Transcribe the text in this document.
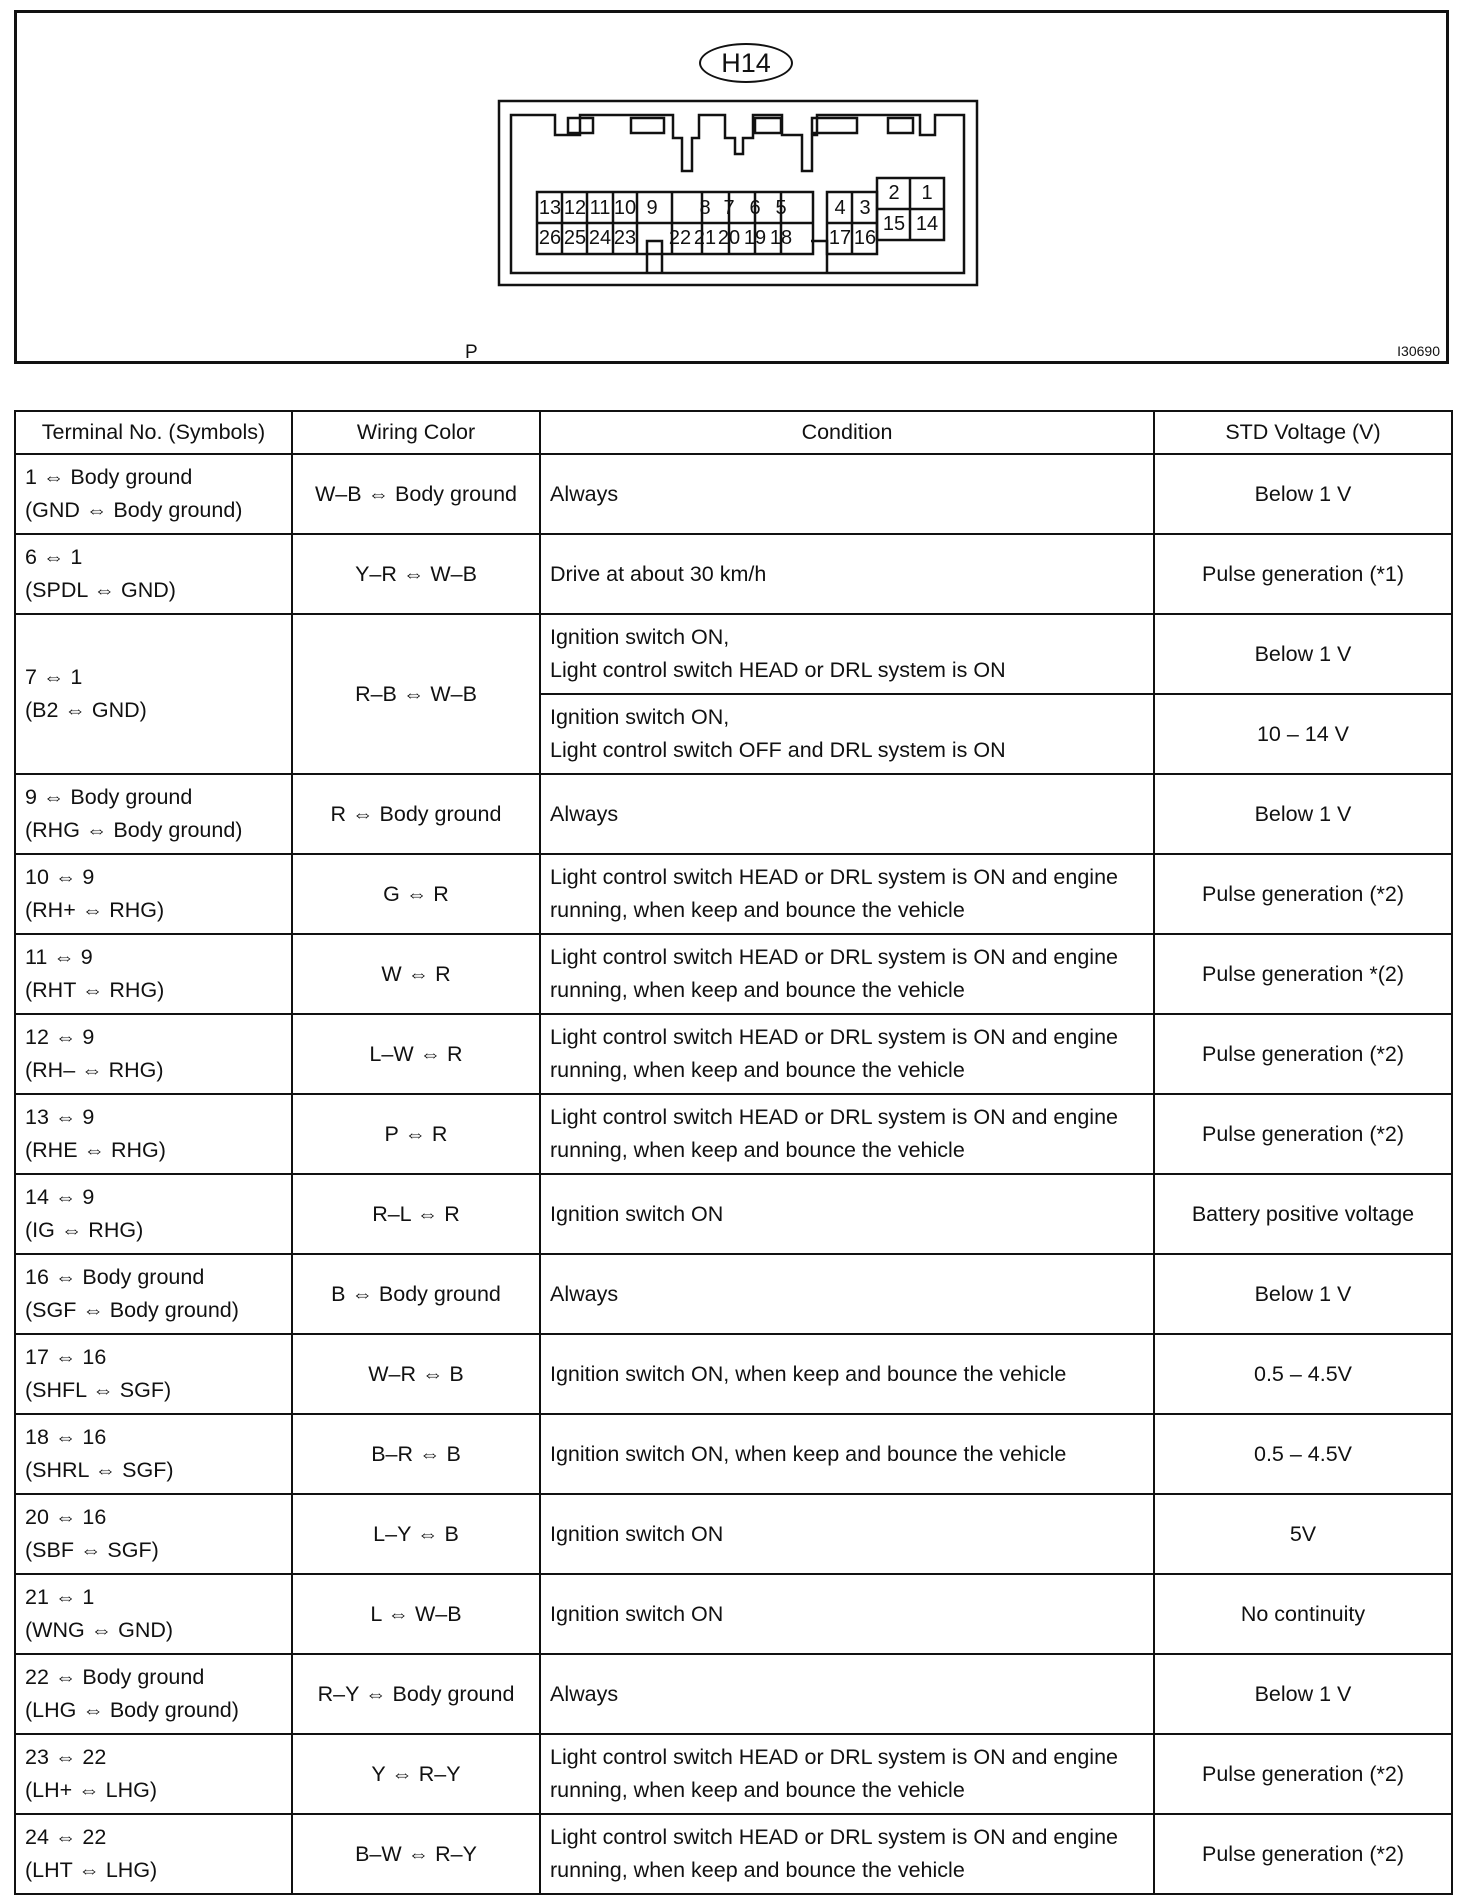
H14
13 12 11 10 9	8 7 6 5	4 3
26 25 24 23 22 21 20 19 18 17 16
2	1
15 14
P	I30690
Terminal No. (Symbols)	Wiring Color	Condition	STD Voltage (V)

1 ⇔ Body ground
(GND ⇔ Body ground)	W–B ⇔ Body ground	Always	Below 1 V

6 ⇔ 1
(SPDL ⇔ GND)	Y–R ⇔ W–B	Drive at about 30 km/h	Pulse generation (*1)

7 ⇔ 1
(B2 ⇔ GND)	R–B ⇔ W–B	Ignition switch ON,
Light control switch HEAD or DRL system is ON	Below 1 V

		Ignition switch ON,
Light control switch OFF and DRL system is ON	10 – 14 V

9 ⇔ Body ground
(RHG ⇔ Body ground)	R ⇔ Body ground	Always	Below 1 V

10 ⇔ 9
(RH+ ⇔ RHG)	G ⇔ R	Light control switch HEAD or DRL system is ON and engine
running, when keep and bounce the vehicle	Pulse generation (*2)

11 ⇔ 9
(RHT ⇔ RHG)	W ⇔ R	Light control switch HEAD or DRL system is ON and engine
running, when keep and bounce the vehicle	Pulse generation *(2)

12 ⇔ 9
(RH– ⇔ RHG)	L–W ⇔ R	Light control switch HEAD or DRL system is ON and engine
running, when keep and bounce the vehicle	Pulse generation (*2)

13 ⇔ 9
(RHE ⇔ RHG)	P ⇔ R	Light control switch HEAD or DRL system is ON and engine
running, when keep and bounce the vehicle	Pulse generation (*2)

14 ⇔ 9
(IG ⇔ RHG)	R–L ⇔ R	Ignition switch ON	Battery positive voltage

16 ⇔ Body ground
(SGF ⇔ Body ground)	B ⇔ Body ground	Always	Below 1 V

17 ⇔ 16
(SHFL ⇔ SGF)	W–R ⇔ B	Ignition switch ON, when keep and bounce the vehicle	0.5 – 4.5V

18 ⇔ 16
(SHRL ⇔ SGF)	B–R ⇔ B	Ignition switch ON, when keep and bounce the vehicle	0.5 – 4.5V

20 ⇔ 16
(SBF ⇔ SGF)	L–Y ⇔ B	Ignition switch ON	5V

21 ⇔ 1
(WNG ⇔ GND)	L ⇔ W–B	Ignition switch ON	No continuity

22 ⇔ Body ground
(LHG ⇔ Body ground)	R–Y ⇔ Body ground	Always	Below 1 V

23 ⇔ 22
(LH+ ⇔ LHG)	Y ⇔ R–Y	Light control switch HEAD or DRL system is ON and engine
running, when keep and bounce the vehicle	Pulse generation (*2)

24 ⇔ 22
(LHT ⇔ LHG)	B–W ⇔ R–Y	Light control switch HEAD or DRL system is ON and engine
running, when keep and bounce the vehicle	Pulse generation (*2)
